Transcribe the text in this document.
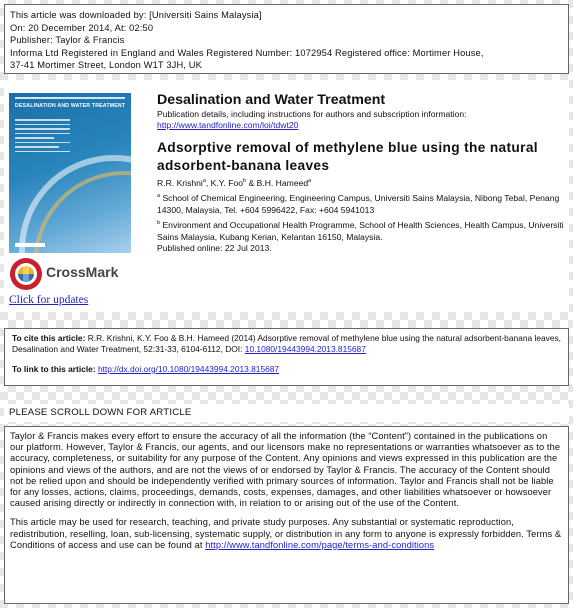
This article was downloaded by: [Universiti Sains Malaysia]
On: 20 December 2014, At: 02:50
Publisher: Taylor & Francis
Informa Ltd Registered in England and Wales Registered Number: 1072954 Registered office: Mortimer House,
37-41 Mortimer Street, London W1T 3JH, UK
DESALINATION AND WATER TREATMENT
CrossMark
Click for updates
Desalination and Water Treatment
Publication details, including instructions for authors and subscription information:
http://www.tandfonline.com/loi/tdwt20
Adsorptive removal of methylene blue using the natural adsorbent-banana leaves
R.R. Krishni$^a$, K.Y. Foo$^b$ & B.H. Hameed$^a$
$^a$ School of Chemical Engineering, Engineering Campus, Universiti Sains Malaysia, Nibong Tebal, Penang 14300, Malaysia, Tel. +604 5996422, Fax: +604 5941013
$^b$ Environment and Occupational Health Programme, School of Health Sciences, Health Campus, Universiti Sains Malaysia, Kubang Kerian, Kelantan 16150, Malaysia.
Published online: 22 Jul 2013.
To cite this article: R.R. Krishni, K.Y. Foo & B.H. Hameed (2014) Adsorptive removal of methylene blue using the natural adsorbent-banana leaves, Desalination and Water Treatment, 52:31-33, 6104-6112, DOI: 10.1080/19443994.2013.815687
To link to this article: http://dx.doi.org/10.1080/19443994.2013.815687
PLEASE SCROLL DOWN FOR ARTICLE

Taylor & Francis makes every effort to ensure the accuracy of all the information (the “Content”) contained in the publications on our platform. However, Taylor & Francis, our agents, and our licensors make no representations or warranties whatsoever as to the accuracy, completeness, or suitability for any purpose of the Content. Any opinions and views expressed in this publication are the opinions and views of the authors, and are not the views of or endorsed by Taylor & Francis. The accuracy of the Content should not be relied upon and should be independently verified with primary sources of information. Taylor and Francis shall not be liable for any losses, actions, claims, proceedings, demands, costs, expenses, damages, and other liabilities whatsoever or howsoever caused arising directly or indirectly in connection with, in relation to or arising out of the use of the Content.

This article may be used for research, teaching, and private study purposes. Any substantial or systematic reproduction, redistribution, reselling, loan, sub-licensing, systematic supply, or distribution in any form to anyone is expressly forbidden. Terms & Conditions of access and use can be found at http://www.tandfonline.com/page/terms-and-conditions
